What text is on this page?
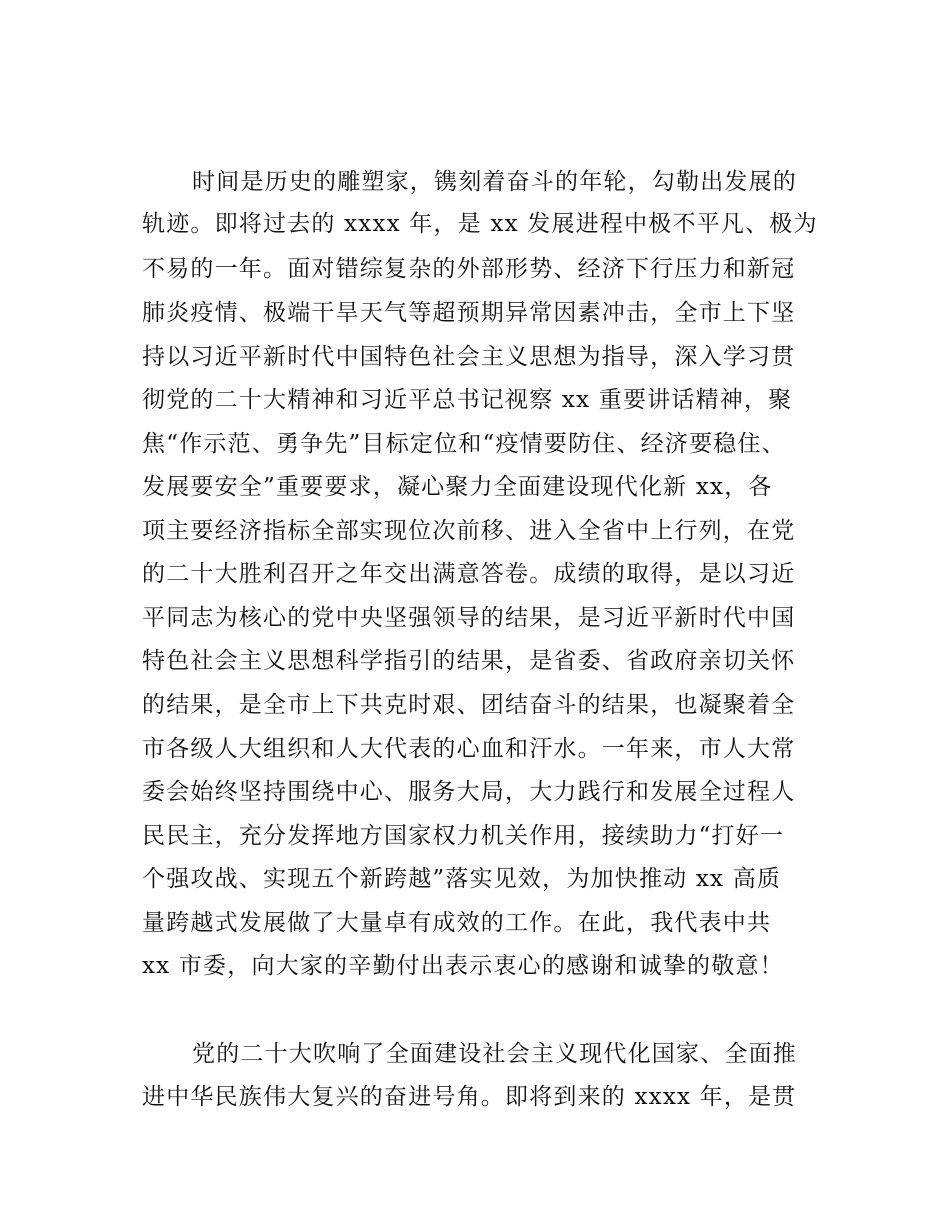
时间是历史的雕塑家，镌刻着奋斗的年轮，勾勒出发展的
轨迹。即将过去的 xxxx 年，是 xx 发展进程中极不平凡、极为
不易的一年。面对错综复杂的外部形势、经济下行压力和新冠
肺炎疫情、极端干旱天气等超预期异常因素冲击，全市上下坚
持以习近平新时代中国特色社会主义思想为指导，深入学习贯
彻党的二十大精神和习近平总书记视察 xx 重要讲话精神，聚
焦“作示范、勇争先”目标定位和“疫情要防住、经济要稳住、
发展要安全”重要要求，凝心聚力全面建设现代化新 xx，各
项主要经济指标全部实现位次前移、进入全省中上行列，在党
的二十大胜利召开之年交出满意答卷。成绩的取得，是以习近
平同志为核心的党中央坚强领导的结果，是习近平新时代中国
特色社会主义思想科学指引的结果，是省委、省政府亲切关怀
的结果，是全市上下共克时艰、团结奋斗的结果，也凝聚着全
市各级人大组织和人大代表的心血和汗水。一年来，市人大常
委会始终坚持围绕中心、服务大局，大力践行和发展全过程人
民民主，充分发挥地方国家权力机关作用，接续助力“打好一
个强攻战、实现五个新跨越”落实见效，为加快推动 xx 高质
量跨越式发展做了大量卓有成效的工作。在此，我代表中共
xx 市委，向大家的辛勤付出表示衷心的感谢和诚挚的敬意！
党的二十大吹响了全面建设社会主义现代化国家、全面推
进中华民族伟大复兴的奋进号角。即将到来的 xxxx 年，是贯
